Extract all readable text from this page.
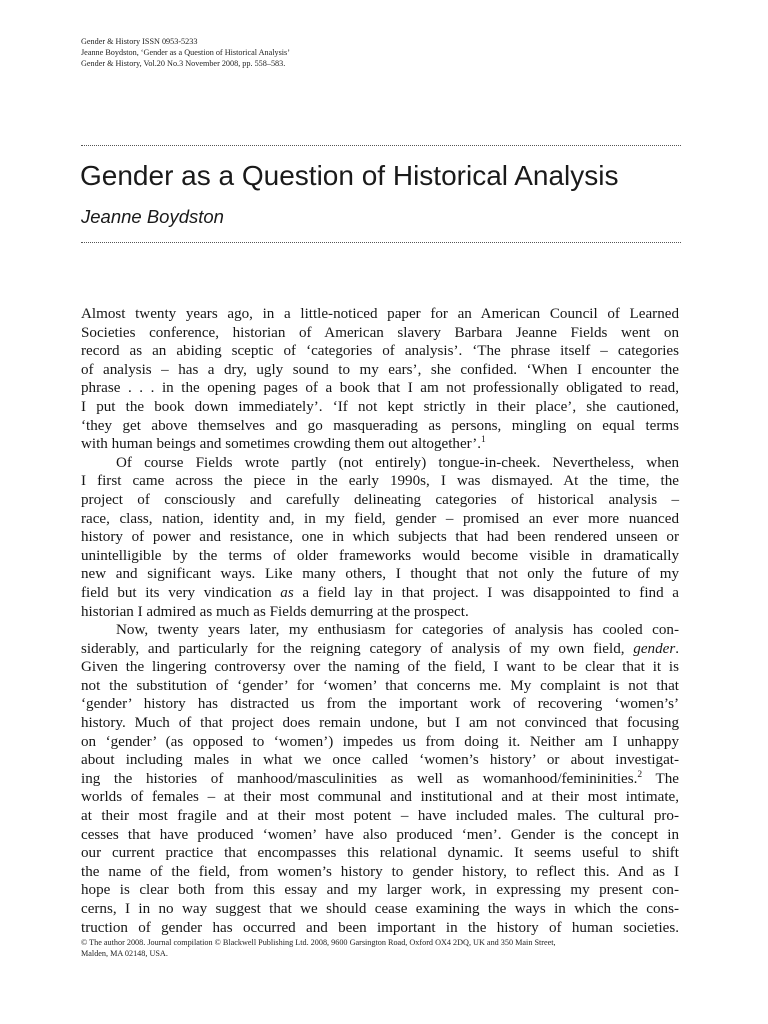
Gender & History ISSN 0953-5233
Jeanne Boydston, ‘Gender as a Question of Historical Analysis’
Gender & History, Vol.20 No.3 November 2008, pp. 558–583.
Gender as a Question of Historical Analysis
Jeanne Boydston
Almost twenty years ago, in a little-noticed paper for an American Council of Learned
Societies conference, historian of American slavery Barbara Jeanne Fields went on
record as an abiding sceptic of ‘categories of analysis’. ‘The phrase itself – categories
of analysis – has a dry, ugly sound to my ears’, she confided. ‘When I encounter the
phrase . . . in the opening pages of a book that I am not professionally obligated to read,
I put the book down immediately’. ‘If not kept strictly in their place’, she cautioned,
‘they get above themselves and go masquerading as persons, mingling on equal terms
with human beings and sometimes crowding them out altogether’.$^1$
Of course Fields wrote partly (not entirely) tongue-in-cheek. Nevertheless, when
I first came across the piece in the early 1990s, I was dismayed. At the time, the
project of consciously and carefully delineating categories of historical analysis –
race, class, nation, identity and, in my field, gender – promised an ever more nuanced
history of power and resistance, one in which subjects that had been rendered unseen or
unintelligible by the terms of older frameworks would become visible in dramatically
new and significant ways. Like many others, I thought that not only the future of my
field but its very vindication as a field lay in that project. I was disappointed to find a
historian I admired as much as Fields demurring at the prospect.
Now, twenty years later, my enthusiasm for categories of analysis has cooled con-
siderably, and particularly for the reigning category of analysis of my own field, gender.
Given the lingering controversy over the naming of the field, I want to be clear that it is
not the substitution of ‘gender’ for ‘women’ that concerns me. My complaint is not that
‘gender’ history has distracted us from the important work of recovering ‘women’s’
history. Much of that project does remain undone, but I am not convinced that focusing
on ‘gender’ (as opposed to ‘women’) impedes us from doing it. Neither am I unhappy
about including males in what we once called ‘women’s history’ or about investigat-
ing the histories of manhood/masculinities as well as womanhood/femininities.$^2$ The
worlds of females – at their most communal and institutional and at their most intimate,
at their most fragile and at their most potent – have included males. The cultural pro-
cesses that have produced ‘women’ have also produced ‘men’. Gender is the concept in
our current practice that encompasses this relational dynamic. It seems useful to shift
the name of the field, from women’s history to gender history, to reflect this. And as I
hope is clear both from this essay and my larger work, in expressing my present con-
cerns, I in no way suggest that we should cease examining the ways in which the cons-
truction of gender has occurred and been important in the history of human societies.
© The author 2008. Journal compilation © Blackwell Publishing Ltd. 2008, 9600 Garsington Road, Oxford OX4 2DQ, UK and 350 Main Street,
Malden, MA 02148, USA.
